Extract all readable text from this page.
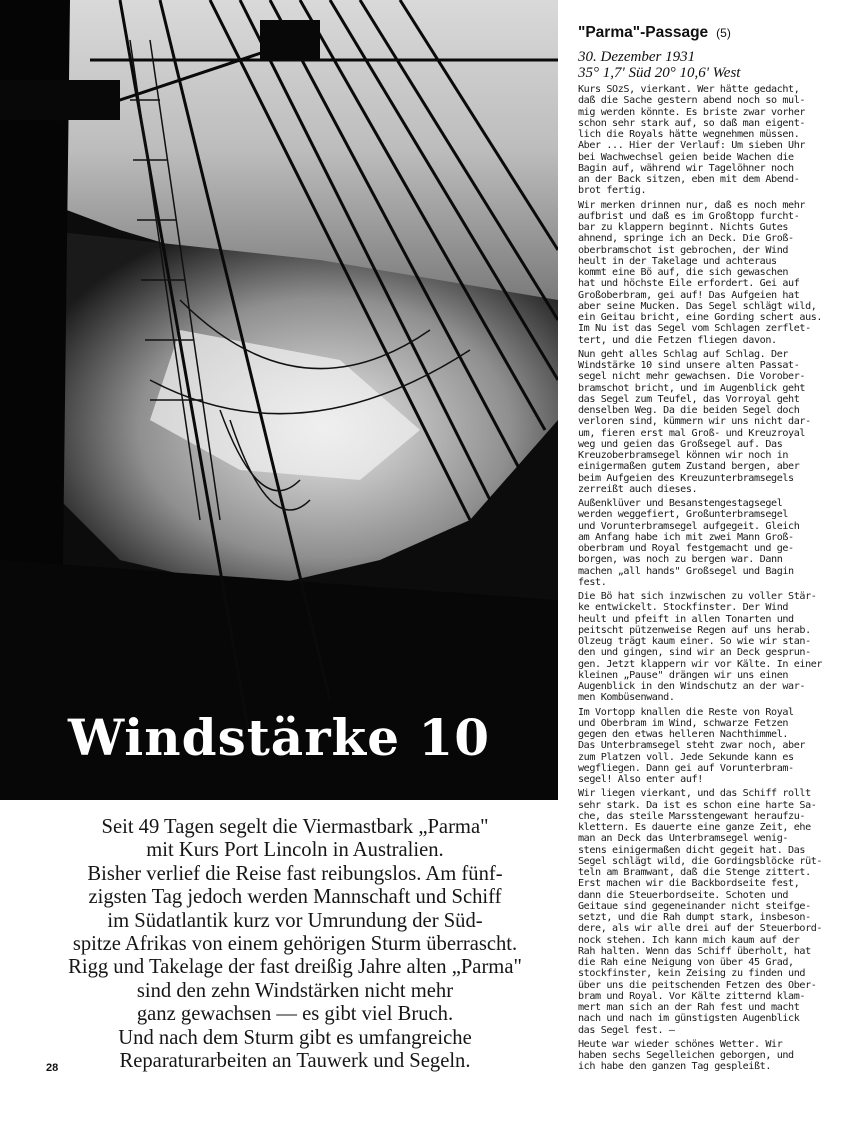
Windstärke 10
Seit 49 Tagen segelt die Viermastbark „Parma"
mit Kurs Port Lincoln in Australien.
Bisher verlief die Reise fast reibungslos. Am fünf-
zigsten Tag jedoch werden Mannschaft und Schiff
im Südatlantik kurz vor Umrundung der Süd-
spitze Afrikas von einem gehörigen Sturm überrascht.
Rigg und Takelage der fast dreißig Jahre alten „Parma"
sind den zehn Windstärken nicht mehr
ganz gewachsen — es gibt viel Bruch.
Und nach dem Sturm gibt es umfangreiche
Reparaturarbeiten an Tauwerk und Segeln.
28
"Parma"-Passage (5)
30. Dezember 1931
35° 1,7' Süd 20° 10,6' West
Kurs SOzS, vierkant. Wer hätte gedacht,
daß die Sache gestern abend noch so mul-
mig werden könnte. Es briste zwar vorher
schon sehr stark auf, so daß man eigent-
lich die Royals hätte wegnehmen müssen.
Aber ... Hier der Verlauf: Um sieben Uhr
bei Wachwechsel geien beide Wachen die
Bagin auf, während wir Tagelöhner noch
an der Back sitzen, eben mit dem Abend-
brot fertig.
Wir merken drinnen nur, daß es noch mehr
aufbrist und daß es im Großtopp furcht-
bar zu klappern beginnt. Nichts Gutes
ahnend, springe ich an Deck. Die Groß-
oberbramschot ist gebrochen, der Wind
heult in der Takelage und achteraus
kommt eine Bö auf, die sich gewaschen
hat und höchste Eile erfordert. Gei auf
Großoberbram, gei auf! Das Aufgeien hat
aber seine Mucken. Das Segel schlägt wild,
ein Geitau bricht, eine Gording schert aus.
Im Nu ist das Segel vom Schlagen zerflet-
tert, und die Fetzen fliegen davon.
Nun geht alles Schlag auf Schlag. Der
Windstärke 10 sind unsere alten Passat-
segel nicht mehr gewachsen. Die Vorober-
bramschot bricht, und im Augenblick geht
das Segel zum Teufel, das Vorroyal geht
denselben Weg. Da die beiden Segel doch
verloren sind, kümmern wir uns nicht dar-
um, fieren erst mal Groß- und Kreuzroyal
weg und geien das Großsegel auf. Das
Kreuzoberbramsegel können wir noch in
einigermaßen gutem Zustand bergen, aber
beim Aufgeien des Kreuzunterbramsegels
zerreißt auch dieses.
Außenklüver und Besanstengestagsegel
werden weggefiert, Großunterbramsegel
und Vorunterbramsegel aufgegeit. Gleich
am Anfang habe ich mit zwei Mann Groß-
oberbram und Royal festgemacht und ge-
borgen, was noch zu bergen war. Dann
machen „all hands" Großsegel und Bagin
fest.
Die Bö hat sich inzwischen zu voller Stär-
ke entwickelt. Stockfinster. Der Wind
heult und pfeift in allen Tonarten und
peitscht pützenweise Regen auf uns herab.
Ölzeug trägt kaum einer. So wie wir stan-
den und gingen, sind wir an Deck gesprun-
gen. Jetzt klappern wir vor Kälte. In einer
kleinen „Pause" drängen wir uns einen
Augenblick in den Windschutz an der war-
men Kombüsenwand.
Im Vortopp knallen die Reste von Royal
und Oberbram im Wind, schwarze Fetzen
gegen den etwas helleren Nachthimmel.
Das Unterbramsegel steht zwar noch, aber
zum Platzen voll. Jede Sekunde kann es
wegfliegen. Dann gei auf Vorunterbram-
segel! Also enter auf!
Wir liegen vierkant, und das Schiff rollt
sehr stark. Da ist es schon eine harte Sa-
che, das steile Marsstengewant heraufzu-
klettern. Es dauerte eine ganze Zeit, ehe
man an Deck das Unterbramsegel wenig-
stens einigermaßen dicht gegeit hat. Das
Segel schlägt wild, die Gordingsblöcke rüt-
teln am Bramwant, daß die Stenge zittert.
Erst machen wir die Backbordseite fest,
dann die Steuerbordseite. Schoten und
Geitaue sind gegeneinander nicht steifge-
setzt, und die Rah dumpt stark, insbeson-
dere, als wir alle drei auf der Steuerbord-
nock stehen. Ich kann mich kaum auf der
Rah halten. Wenn das Schiff überholt, hat
die Rah eine Neigung von über 45 Grad,
stockfinster, kein Zeising zu finden und
über uns die peitschenden Fetzen des Ober-
bram und Royal. Vor Kälte zitternd klam-
mert man sich an der Rah fest und macht
nach und nach im günstigsten Augenblick
das Segel fest. —
Heute war wieder schönes Wetter. Wir
haben sechs Segelleichen geborgen, und
ich habe den ganzen Tag gespleißt.
